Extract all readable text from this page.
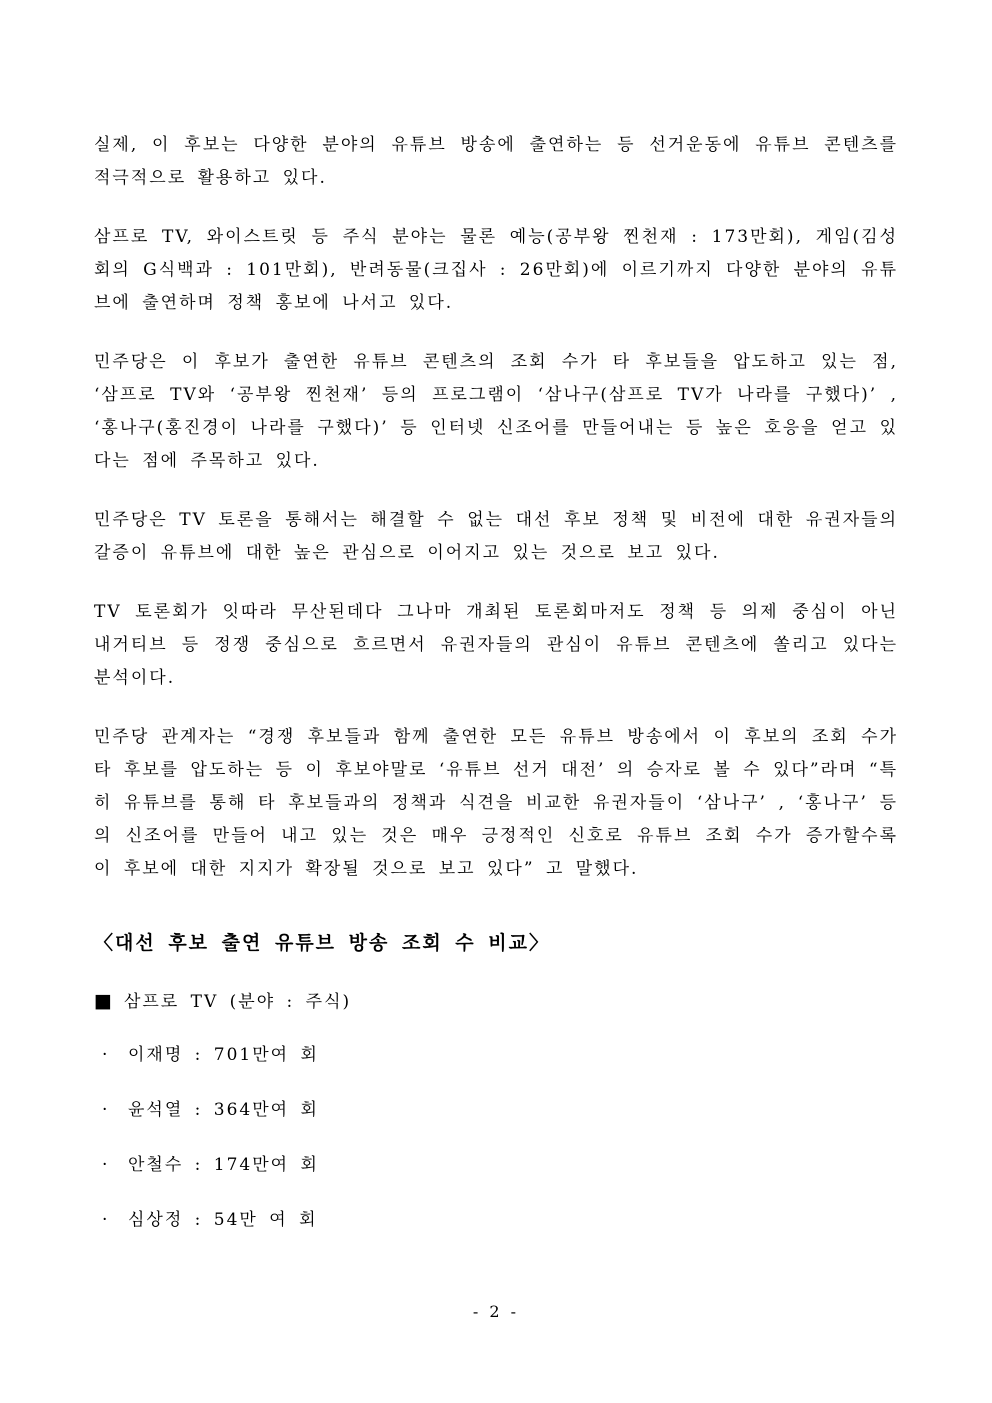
실제, 이 후보는 다양한 분야의 유튜브 방송에 출연하는 등 선거운동에 유튜브 콘텐츠를 적극적으로 활용하고 있다.

삼프로 TV, 와이스트릿 등 주식 분야는 물론 예능(공부왕 찐천재 : 173만회), 게임(김성회의 G식백과 : 101만회), 반려동물(크집사 : 26만회)에 이르기까지 다양한 분야의 유튜브에 출연하며 정책 홍보에 나서고 있다.

민주당은 이 후보가 출연한 유튜브 콘텐츠의 조회 수가 타 후보들을 압도하고 있는 점, ‘삼프로 TV와 ‘공부왕 찐천재’ 등의 프로그램이 ‘삼나구(삼프로 TV가 나라를 구했다)’ , ‘홍나구(홍진경이 나라를 구했다)’ 등 인터넷 신조어를 만들어내는 등 높은 호응을 얻고 있다는 점에 주목하고 있다.

민주당은 TV 토론을 통해서는 해결할 수 없는 대선 후보 정책 및 비전에 대한 유권자들의 갈증이 유튜브에 대한 높은 관심으로 이어지고 있는 것으로 보고 있다.

TV 토론회가 잇따라 무산된데다 그나마 개최된 토론회마저도 정책 등 의제 중심이 아닌 내거티브 등 정쟁 중심으로 흐르면서 유권자들의 관심이 유튜브 콘텐츠에 쏠리고 있다는 분석이다.

민주당 관계자는 “경쟁 후보들과 함께 출연한 모든 유튜브 방송에서 이 후보의 조회 수가 타 후보를 압도하는 등 이 후보야말로 ‘유튜브 선거 대전’ 의 승자로 볼 수 있다”라며 “특히 유튜브를 통해 타 후보들과의 정책과 식견을 비교한 유권자들이 ‘삼나구’ , ‘홍나구’ 등의 신조어를 만들어 내고 있는 것은 매우 긍정적인 신호로 유튜브 조회 수가 증가할수록 이 후보에 대한 지지가 확장될 것으로 보고 있다” 고 말했다.

〈대선 후보 출연 유튜브 방송 조회 수 비교〉
■ 삼프로 TV (분야 : 주식)
· 이재명 : 701만여 회
· 윤석열 : 364만여 회
· 안철수 : 174만여 회
· 심상정 : 54만 여 회
- 2 -
